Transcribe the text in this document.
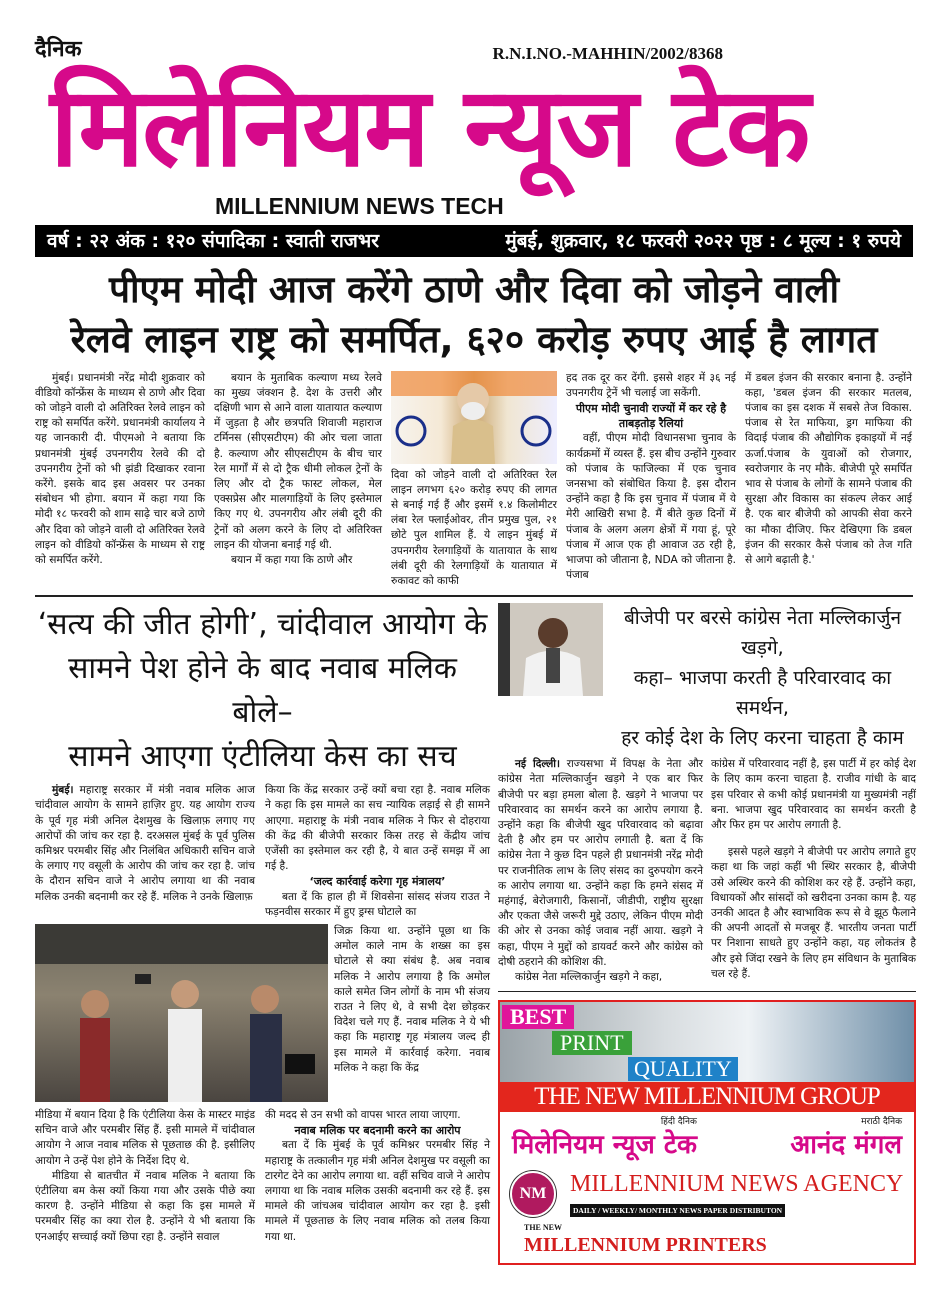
दैनिक	R.N.I.NO.-MAHHIN/2002/8368
मिलेनियम न्यूज टेक
MILLENNIUM NEWS TECH
वर्ष : २२ अंक : १२० संपादिका : स्वाती राजभर	मुंबई, शुक्रवार, १८ फरवरी २०२२ पृष्ठ : ८ मूल्य : १ रुपये
पीएम मोदी आज करेंगे ठाणे और दिवा को जोड़ने वाली
रेलवे लाइन राष्ट्र को समर्पित, ६२० करोड़ रुपए आई है लागत

मुंबई। प्रधानमंत्री नरेंद्र मोदी शुक्रवार को वीडियो कॉन्फ्रेंस के माध्यम से ठाणे और दिवा को जोड़ने वाली दो अतिरिक्त रेलवे लाइन को राष्ट्र को समर्पित करेंगे. प्रधानमंत्री कार्यालय ने यह जानकारी दी. पीएमओ ने बताया कि प्रधानमंत्री मुंबई उपनगरीय रेलवे की दो उपनगरीय ट्रेनों को भी झंडी दिखाकर रवाना करेंगे. इसके बाद इस अवसर पर उनका संबोधन भी होगा. बयान में कहा गया कि मोदी १८ फरवरी को शाम साढ़े चार बजे ठाणे और दिवा को जोड़ने वाली दो अतिरिक्त रेलवे लाइन को वीडियो कॉन्फ्रेंस के माध्यम से राष्ट्र को समर्पित करेंगे.

बयान के मुताबिक कल्याण मध्य रेलवे का मुख्य जंक्शन है. देश के उत्तरी और दक्षिणी भाग से आने वाला यातायात कल्याण में जुड़ता है और छत्रपति शिवाजी महाराज टर्मिनस (सीएसटीएम) की ओर चला जाता है. कल्याण और सीएसटीएम के बीच चार रेल मार्गों में से दो ट्रैक धीमी लोकल ट्रेनों के लिए और दो ट्रैक फास्ट लोकल, मेल एक्सप्रेस और मालगाड़ियों के लिए इस्तेमाल किए गए थे. उपनगरीय और लंबी दूरी की ट्रेनों को अलग करने के लिए दो अतिरिक्त लाइन की योजना बनाई गई थी.

बयान में कहा गया कि ठाणे और

दिवा को जोड़ने वाली दो अतिरिक्त रेल लाइन लगभग ६२० करोड़ रुपए की लागत से बनाई गई हैं और इसमें १.४ किलोमीटर लंबा रेल फ्लाईओवर, तीन प्रमुख पुल, २१ छोटे पुल शामिल हैं. ये लाइन मुंबई में उपनगरीय रेलगाड़ियों के यातायात के साथ लंबी दूरी की रेलगाड़ियों के यातायात में रुकावट को काफी
हद तक दूर कर देंगी. इससे शहर में ३६ नई उपनगरीय ट्रेनें भी चलाई जा सकेंगी.
पीएम मोदी चुनावी राज्यों में कर रहे है ताबड़तोड़ रैलियां

वहीं, पीएम मोदी विधानसभा चुनाव के कार्यक्रमों में व्यस्त हैं. इस बीच उन्होंने गुरुवार को पंजाब के फाजिल्का में एक चुनाव जनसभा को संबोधित किया है. इस दौरान उन्होंने कहा है कि इस चुनाव में पंजाब में ये मेरी आखिरी सभा है. मैं बीते कुछ दिनों में पंजाब के अलग अलग क्षेत्रों में गया हूं, पूरे पंजाब में आज एक ही आवाज उठ रही है, भाजपा को जीताना है, NDA को जीताना है. पंजाब

में डबल इंजन की सरकार बनाना है. उन्होंने कहा, 'डबल इंजन की सरकार मतलब, पंजाब का इस दशक में सबसे तेज विकास. पंजाब से रेत माफिया, ड्रग माफिया की विदाई पंजाब की औद्योगिक इकाइयों में नई ऊर्जा.पंजाब के युवाओं को रोजगार, स्वरोजगार के नए मौके. बीजेपी पूरे समर्पित भाव से पंजाब के लोगों के सामने पंजाब की सुरक्षा और विकास का संकल्प लेकर आई है. एक बार बीजेपी को आपकी सेवा करने का मौका दीजिए. फिर देखिएगा कि डबल इंजन की सरकार कैसे पंजाब को तेज गति से आगे बढ़ाती है.'
‘सत्य की जीत होगी’, चांदीवाल आयोग के
सामने पेश होने के बाद नवाब मलिक बोले–
सामने आएगा एंटीलिया केस का सच

मुंबई। महाराष्ट्र सरकार में मंत्री नवाब मलिक आज चांदीवाल आयोग के सामने हाज़िर हुए. यह आयोग राज्य के पूर्व गृह मंत्री अनिल देशमुख के खिलाफ़ लगाए गए आरोपों की जांच कर रहा है. दरअसल मुंबई के पूर्व पुलिस कमिश्नर परमबीर सिंह और निलंबित अधिकारी सचिन वाजे के लगाए गए वसूली के आरोप की जांच कर रहा है. जांच के दौरान सचिन वाजे ने आरोप लगाया था की नवाब मलिक उनकी बदनामी कर रहे हैं. मलिक ने उनके खिलाफ़

किया कि केंद्र सरकार उन्हें क्यों बचा रहा है. नवाब मलिक ने कहा कि इस मामले का सच न्यायिक लड़ाई से ही सामने आएगा. महाराष्ट्र के मंत्री नवाब मलिक ने फिर से दोहराया की केंद्र की बीजेपी सरकार किस तरह से केंद्रीय जांच एजेंसी का इस्तेमाल कर रही है, ये बात उन्हें समझ में आ गई है.
‘जल्द कार्रवाई करेगा गृह मंत्रालय’

बता दें कि हाल ही में शिवसेना सांसद संजय राउत ने फड़नवीस सरकार में हुए ड्रग्स घोटाले का

जिक्र किया था. उन्होंने पूछा था कि अमोल काले नाम के शख्स का इस घोटाले से क्या संबंध है. अब नवाब मलिक ने आरोप लगाया है कि अमोल काले समेत जिन लोगों के नाम भी संजय राउत ने लिए थे, वे सभी देश छोड़कर विदेश चले गए हैं. नवाब मलिक ने ये भी कहा कि महाराष्ट्र गृह मंत्रालय जल्द ही इस मामले में कार्रवाई करेगा. नवाब मलिक ने कहा कि केंद्र
मीडिया में बयान दिया है कि एंटीलिया केस के मास्टर माइंड सचिन वाजे और परमबीर सिंह हैं. इसी मामले में चांदीवाल आयोग ने आज नवाब मलिक से पूछताछ की है. इसीलिए आयोग ने उन्हें पेश होने के निर्देश दिए थे.

मीडिया से बातचीत में नवाब मलिक ने बताया कि एंटीलिया बम केस क्यों किया गया और उसके पीछे क्या कारण है. उन्होंने मीडिया से कहा कि इस मामले में परमबीर सिंह का क्या रोल है. उन्होंने ये भी बताया कि एनआईए सच्चाई क्यों छिपा रहा है. उन्होंने सवाल

की मदद से उन सभी को वापस भारत लाया जाएगा.
नवाब मलिक पर बदनामी करने का आरोप

बता दें कि मुंबई के पूर्व कमिश्नर परमबीर सिंह ने महाराष्ट्र के तत्कालीन गृह मंत्री अनिल देशमुख पर वसूली का टारगेट देने का आरोप लगाया था. वहीं सचिव वाजे ने आरोप लगाया था कि नवाब मलिक उसकी बदनामी कर रहे हैं. इस मामले की जांचअब चांदीवाल आयोग कर रहा है. इसी मामले में पूछताछ के लिए नवाब मलिक को तलब किया गया था.

बीजेपी पर बरसे कांग्रेस नेता मल्लिकार्जुन खड़गे,
कहा– भाजपा करती है परिवारवाद का समर्थन,
हर कोई देश के लिए करना चाहता है काम

नई दिल्ली। राज्यसभा में विपक्ष के नेता और कांग्रेस नेता मल्लिकार्जुन खड़गे ने एक बार फिर बीजेपी पर बड़ा हमला बोला है. खड़गे ने भाजपा पर परिवारवाद का समर्थन करने का आरोप लगाया है. उन्होंने कहा कि बीजेपी खुद परिवारवाद को बढ़ावा देती है और हम पर आरोप लगाती है. बता दें कि कांग्रेस नेता ने कुछ दिन पहले ही प्रधानमंत्री नरेंद्र मोदी पर राजनीतिक लाभ के लिए संसद का दुरुपयोग करने क आरोप लगाया था. उन्होंने कहा कि हमने संसद में महंगाई, बेरोजगारी, किसानों, जीडीपी, राष्ट्रीय सुरक्षा और एकता जैसे जरूरी मुद्दे उठाए, लेकिन पीएम मोदी की ओर से उनका कोई जवाब नहीं आया. खड़गे ने कहा, पीएम ने मुद्दों को डायवर्ट करने और कांग्रेस को दोषी ठहराने की कोशिश की.

कांग्रेस नेता मल्लिकार्जुन खड़गे ने कहा,

कांग्रेस में परिवारवाद नहीं है, इस पार्टी में हर कोई देश के लिए काम करना चाहता है. राजीव गांधी के बाद इस परिवार से कभी कोई प्रधानमंत्री या मुख्यमंत्री नहीं बना. भाजपा खुद परिवारवाद का समर्थन करती है और फिर हम पर आरोप लगाती है.

इससे पहले खड़गे ने बीजेपी पर आरोप लगाते हुए कहा था कि जहां कहीं भी स्थिर सरकार है, बीजेपी उसे अस्थिर करने की कोशिश कर रहे हैं. उन्होंने कहा, विधायकों और सांसदों को खरीदना उनका काम है. यह उनकी आदत है और स्वाभाविक रूप से वे झूठ फैलाने की अपनी आदतों से मजबूर हैं. भारतीय जनता पार्टी पर निशाना साधते हुए उन्होंने कहा, यह लोकतंत्र है और इसे जिंदा रखने के लिए हम संविधान के मुताबिक चल रहे हैं.

BEST
PRINT
QUALITY
THE NEW MILLENNIUM GROUP
हिंदी दैनिक
मिलेनियम न्यूज टेक
मराठी दैनिक
आनंद मंगल
NM MILLENNIUM NEWS AGENCY
DAILY / WEEKLY/ MONTHLY NEWS PAPER DISTRIBUTON
THE NEW
MILLENNIUM PRINTERS
